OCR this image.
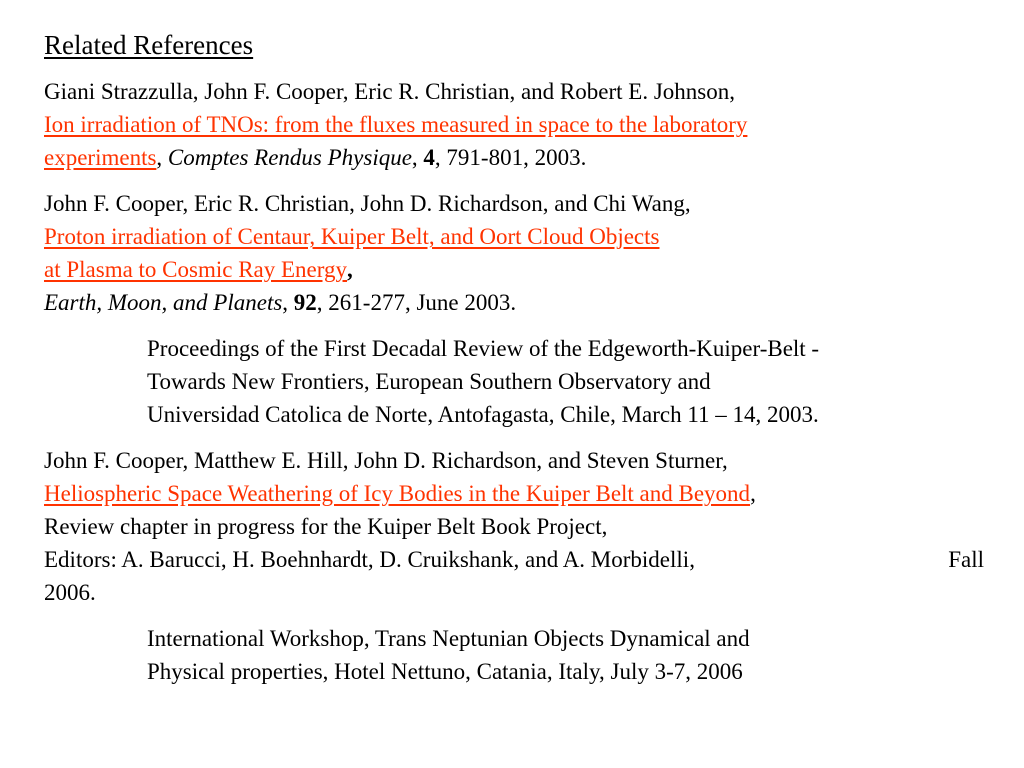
Related References
Giani Strazzulla, John F. Cooper, Eric R. Christian, and Robert E. Johnson,
Ion irradiation of TNOs: from the fluxes measured in space to the laboratory
experiments, Comptes Rendus Physique, 4, 791-801, 2003.
John F. Cooper, Eric R. Christian, John D. Richardson, and Chi Wang,
Proton irradiation of Centaur, Kuiper Belt, and Oort Cloud Objects
at Plasma to Cosmic Ray Energy,
Earth, Moon, and Planets, 92, 261-277, June 2003.
Proceedings of the First Decadal Review of the Edgeworth-Kuiper-Belt -
Towards New Frontiers, European Southern Observatory and
Universidad Catolica de Norte, Antofagasta, Chile, March 11 – 14, 2003.
John F. Cooper, Matthew E. Hill, John D. Richardson, and Steven Sturner,
Heliospheric Space Weathering of Icy Bodies in the Kuiper Belt and Beyond,
Review chapter in progress for the Kuiper Belt Book Project,
Editors: A. Barucci, H. Boehnhardt, D. Cruikshank, and A. Morbidelli,	Fall
2006.
International Workshop, Trans Neptunian Objects Dynamical and
Physical properties, Hotel Nettuno, Catania, Italy, July 3-7, 2006
